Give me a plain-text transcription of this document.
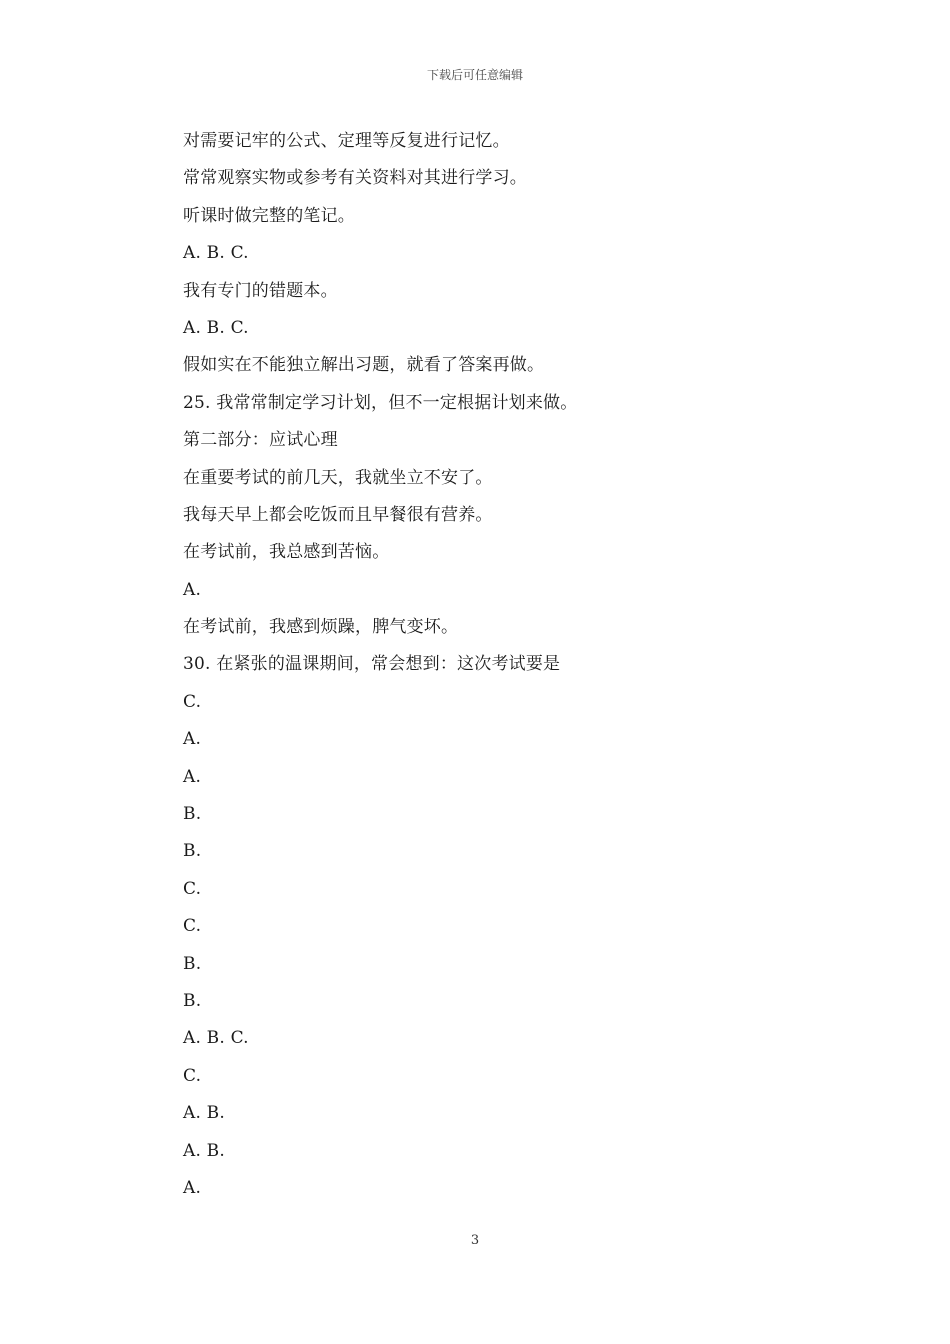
下载后可任意编辑
对需要记牢的公式、定理等反复进行记忆。
常常观察实物或参考有关资料对其进行学习。
听课时做完整的笔记。
A. B. C.
我有专门的错题本。
A. B. C.
假如实在不能独立解出习题，就看了答案再做。
25. 我常常制定学习计划，但不一定根据计划来做。
第二部分：应试心理
在重要考试的前几天，我就坐立不安了。
我每天早上都会吃饭而且早餐很有营养。
在考试前，我总感到苦恼。
A.
在考试前，我感到烦躁，脾气变坏。
30. 在紧张的温课期间，常会想到：这次考试要是
C.
A.
A.
B.
B.
C.
C.
B.
B.
A. B. C.
C.
A. B.
A. B.
A.
3
